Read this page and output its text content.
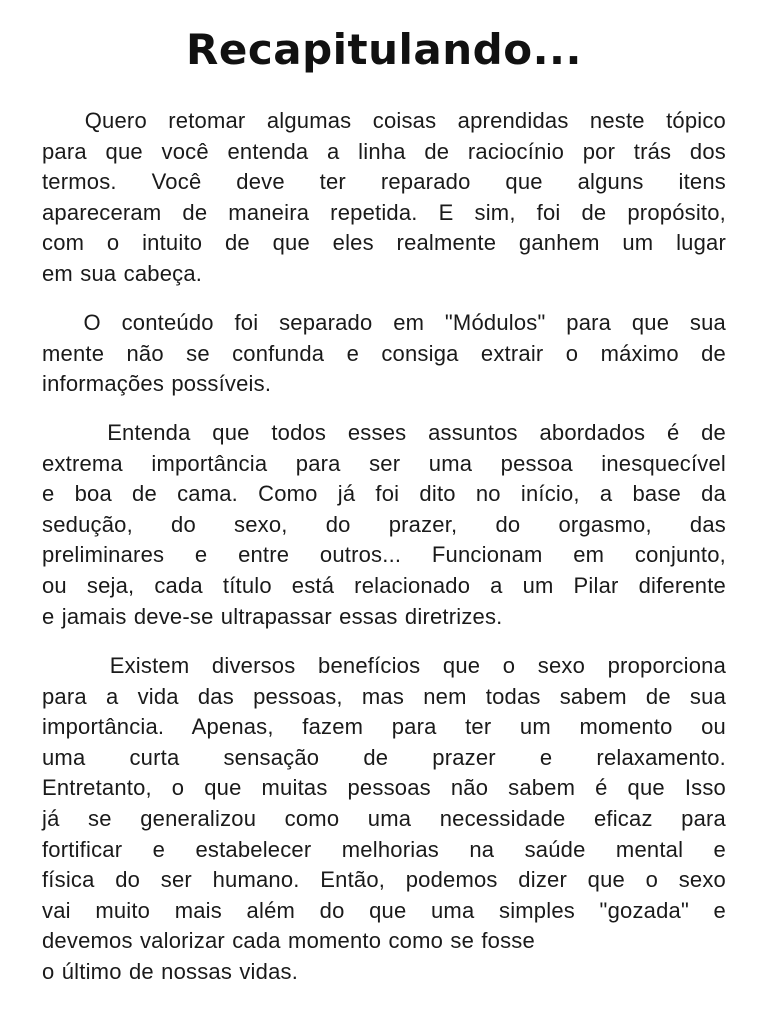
Recapitulando...
Quero retomar algumas coisas aprendidas neste tópico
para que você entenda a linha de raciocínio por trás dos
termos. Você deve ter reparado que alguns itens
apareceram de maneira repetida. E sim, foi de propósito,
com o intuito de que eles realmente ganhem um lugar
em sua cabeça.
O conteúdo foi separado em "Módulos" para que sua
mente não se confunda e consiga extrair o máximo de
informações possíveis.
Entenda que todos esses assuntos abordados é de
extrema importância para ser uma pessoa inesquecível
e boa de cama. Como já foi dito no início, a base da
sedução, do sexo, do prazer, do orgasmo, das
preliminares e entre outros... Funcionam em conjunto,
ou seja, cada título está relacionado a um Pilar diferente
e jamais deve-se ultrapassar essas diretrizes.
Existem diversos benefícios que o sexo proporciona
para a vida das pessoas, mas nem todas sabem de sua
importância. Apenas, fazem para ter um momento ou
uma curta sensação de prazer e relaxamento.
Entretanto, o que muitas pessoas não sabem é que Isso
já se generalizou como uma necessidade eficaz para
fortificar e estabelecer melhorias na saúde mental e
física do ser humano. Então, podemos dizer que o sexo
vai muito mais além do que uma simples "gozada" e
devemos valorizar cada momento como se fosse
o último de nossas vidas.
